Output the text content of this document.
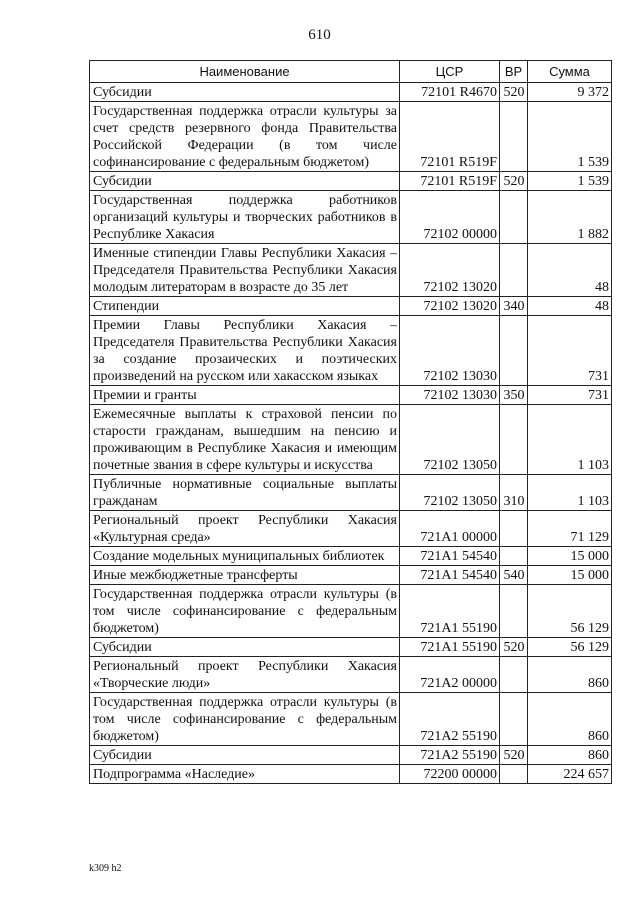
610
Наименование	ЦСР	ВР	Сумма
Субсидии	72101 R4670	520	9 372
Государственная поддержка отрасли культуры за счет средств резервного фонда Правительства Российской Федерации (в том числе софинансирование с федеральным бюджетом)	72101 R519F		1 539
Субсидии	72101 R519F	520	1 539
Государственная поддержка работников организаций культуры и творческих работников в Республике Хакасия	72102 00000		1 882
Именные стипендии Главы Республики Хакасия – Председателя Правительства Республики Хакасия молодым литераторам в возрасте до 35 лет	72102 13020		48
Стипендии	72102 13020	340	48
Премии Главы Республики Хакасия – Председателя Правительства Республики Хакасия за создание прозаических и поэтических произведений на русском или хакасском языках	72102 13030		731
Премии и гранты	72102 13030	350	731
Ежемесячные выплаты к страховой пенсии по старости гражданам, вышедшим на пенсию и проживающим в Республике Хакасия и имеющим почетные звания в сфере культуры и искусства	72102 13050		1 103
Публичные нормативные социальные выплаты гражданам	72102 13050	310	1 103
Региональный проект Республики Хакасия «Культурная среда»	721А1 00000		71 129
Создание модельных муниципальных библиотек	721А1 54540		15 000
Иные межбюджетные трансферты	721А1 54540	540	15 000
Государственная поддержка отрасли культуры (в том числе софинансирование с федеральным бюджетом)	721А1 55190		56 129
Субсидии	721А1 55190	520	56 129
Региональный проект Республики Хакасия «Творческие люди»	721А2 00000		860
Государственная поддержка отрасли культуры (в том числе софинансирование с федеральным бюджетом)	721А2 55190		860
Субсидии	721А2 55190	520	860
Подпрограмма «Наследие»	72200 00000		224 657
k309 h2
